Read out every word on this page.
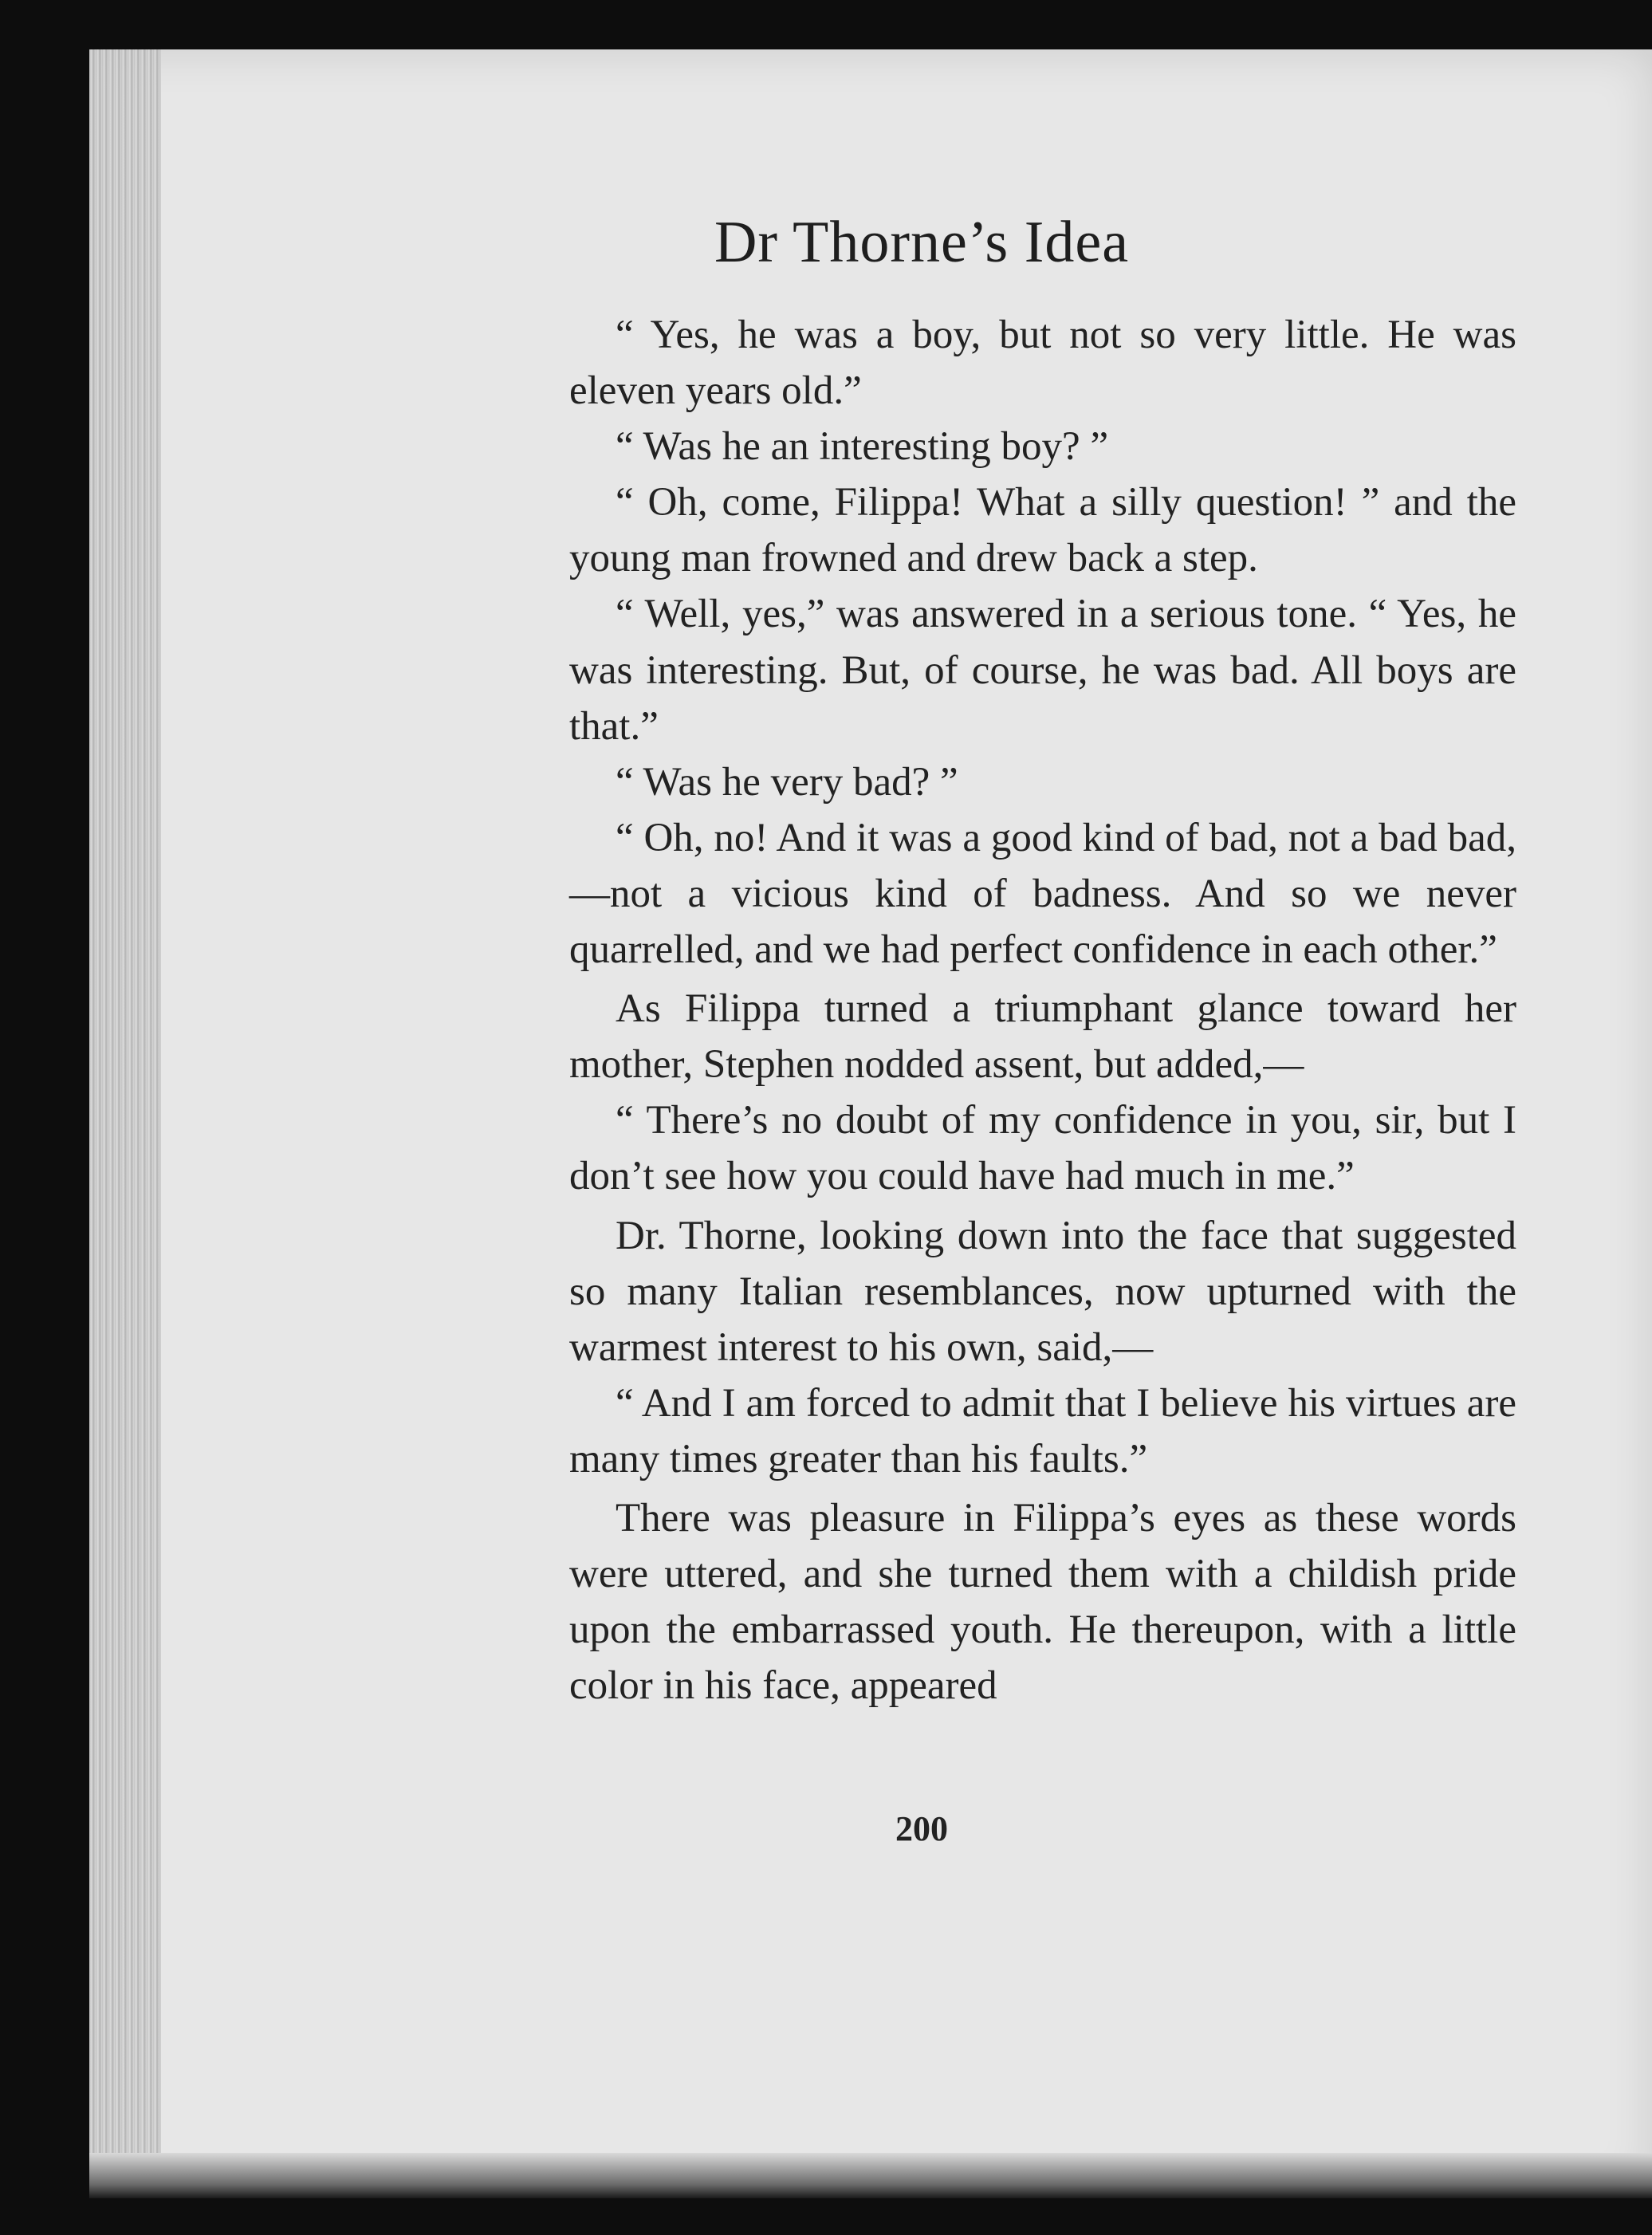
Dr Thorne’s Idea

“ Yes, he was a boy, but not so very little. He was eleven years old.”

“ Was he an interesting boy? ”

“ Oh, come, Filippa! What a silly question! ” and the young man frowned and drew back a step.

“ Well, yes,” was answered in a serious tone. “ Yes, he was interesting. But, of course, he was bad. All boys are that.”

“ Was he very bad? ”

“ Oh, no! And it was a good kind of bad, not a bad bad,—not a vicious kind of badness. And so we never quarrelled, and we had perfect confidence in each other.”

As Filippa turned a triumphant glance toward her mother, Stephen nodded assent, but added,—

“ There’s no doubt of my confidence in you, sir, but I don’t see how you could have had much in me.”

Dr. Thorne, looking down into the face that suggested so many Italian resemblances, now upturned with the warmest interest to his own, said,—

“ And I am forced to admit that I believe his virtues are many times greater than his faults.”

There was pleasure in Filippa’s eyes as these words were uttered, and she turned them with a childish pride upon the embarrassed youth. He thereupon, with a little color in his face, appeared

200
